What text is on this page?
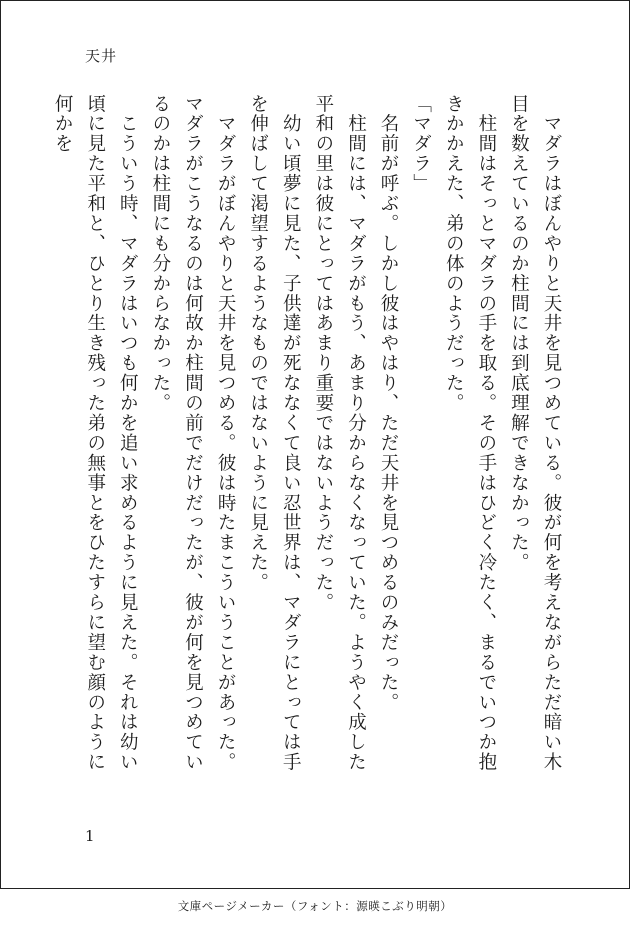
天井

　マダラはぼんやりと天井を見つめている。彼が何を考えながらただ暗い木目を数えているのか柱間には到底理解できなかった。

　柱間はそっとマダラの手を取る。その手はひどく冷たく、まるでいつか抱きかかえた、弟の体のようだった。

「マダラ」

　名前が呼ぶ。しかし彼はやはり、ただ天井を見つめるのみだった。

　柱間には、マダラがもう、あまり分からなくなっていた。ようやく成した平和の里は彼にとってはあまり重要ではないようだった。

　幼い頃夢に見た、子供達が死ななくて良い忍世界は、マダラにとっては手を伸ばして渇望するようなものではないように見えた。

　マダラがぼんやりと天井を見つめる。彼は時たまこういうことがあった。マダラがこうなるのは何故か柱間の前でだけだったが、彼が何を見つめているのかは柱間にも分からなかった。

　こういう時、マダラはいつも何かを追い求めるように見えた。それは幼い頃に見た平和と、ひとり生き残った弟の無事とをひたすらに望む顔のように何かを

1
文庫ページメーカー（フォント：源暎こぶり明朝）
